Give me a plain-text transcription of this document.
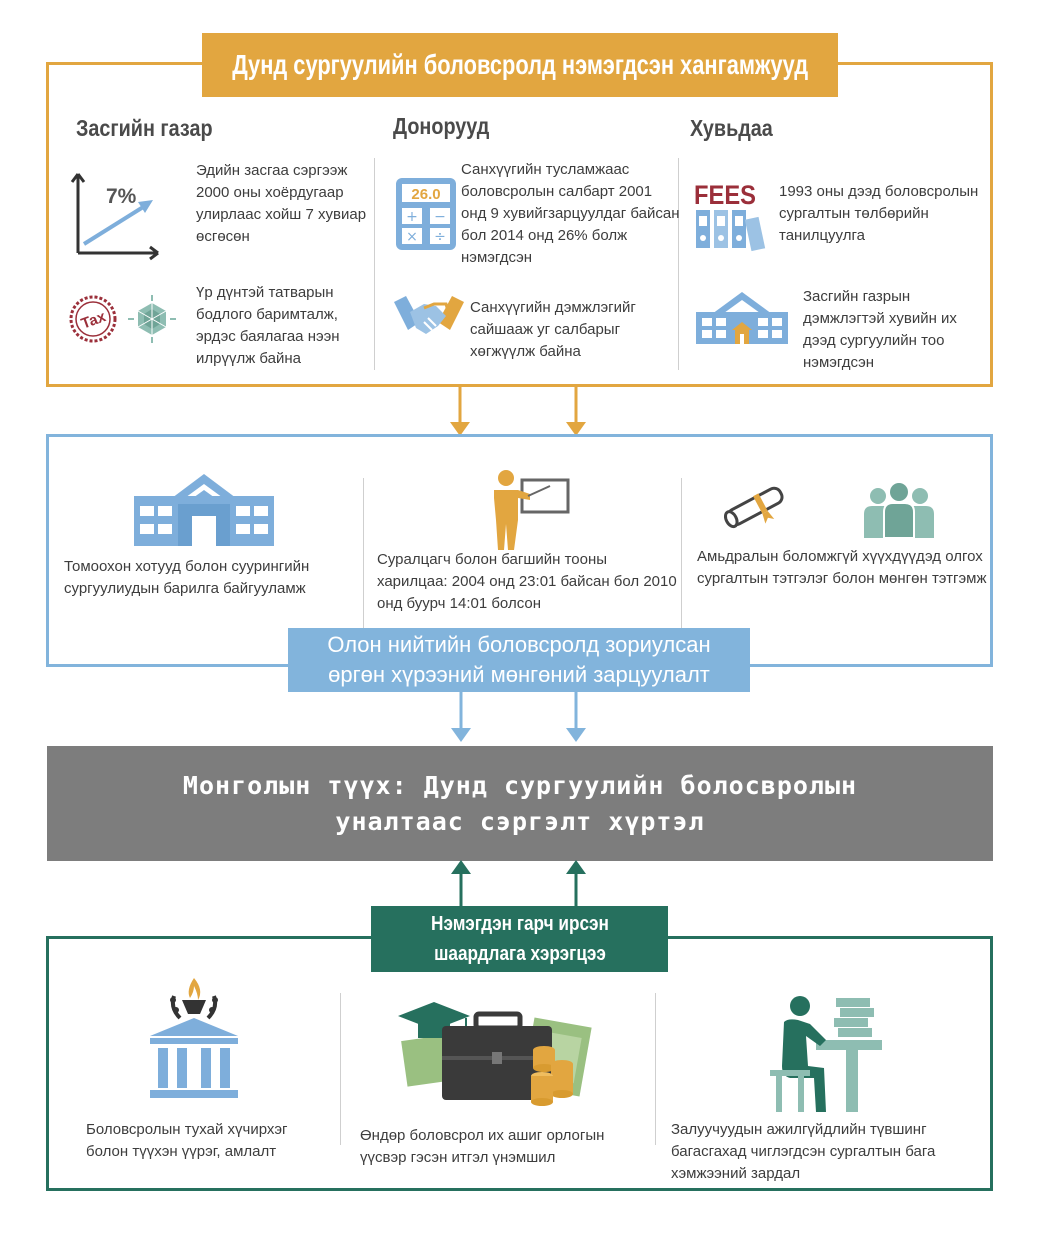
Дунд сургуулийн боловсролд нэмэгдсэн хангамжууд
Засгийн газар	Донорууд	Хувьдаа
7%
Эдийн засгаа сэргээж 2000 оны хоёрдугаар улирлаас хойш 7 хувиар өсгөсөн
Tax
Үр дүнтэй татварын бодлого баримталж, эрдэс баялагаа нээн илрүүлж байна
26.0
+ −
× ÷
Санхүүгийн тусламжаас боловсролын салбарт 2001 онд 9 хувийгзарцуулдаг байсан бол 2014 онд 26% болж нэмэгдсэн
Санхүүгийн дэмжлэгийг сайшааж уг салбарыг хөгжүүлж байна
FEES 1993 оны дээд боловсролын сургалтын төлбөрийн танилцуулга
Засгийн газрын дэмжлэгтэй хувийн их дээд сургуулийн тоо нэмэгдсэн
Томоохон хотууд болон суурингийн сургуулиудын барилга байгууламж
Суралцагч болон багшийн тооны харилцаа: 2004 онд 23:01 байсан бол 2010 онд буурч 14:01 болсон
Амьдралын боломжгүй хүүхдүүдэд олгох сургалтын тэтгэлэг болон мөнгөн тэтгэмж
Олон нийтийн боловсролд зориулсан өргөн хүрээний мөнгөний зарцуулалт
Монголын түүх: Дунд сургуулийн болосвролын уналтаас сэргэлт хүртэл
Нэмэгдэн гарч ирсэн шаардлага хэрэгцээ
Боловсролын тухай хүчирхэг болон түүхэн үүрэг, амлалт
Өндөр боловсрол их ашиг орлогын үүсвэр гэсэн итгэл үнэмшил
Залуучуудын ажилгүйдлийн түвшинг багасгахад чиглэгдсэн сургалтын бага хэмжээний зардал
